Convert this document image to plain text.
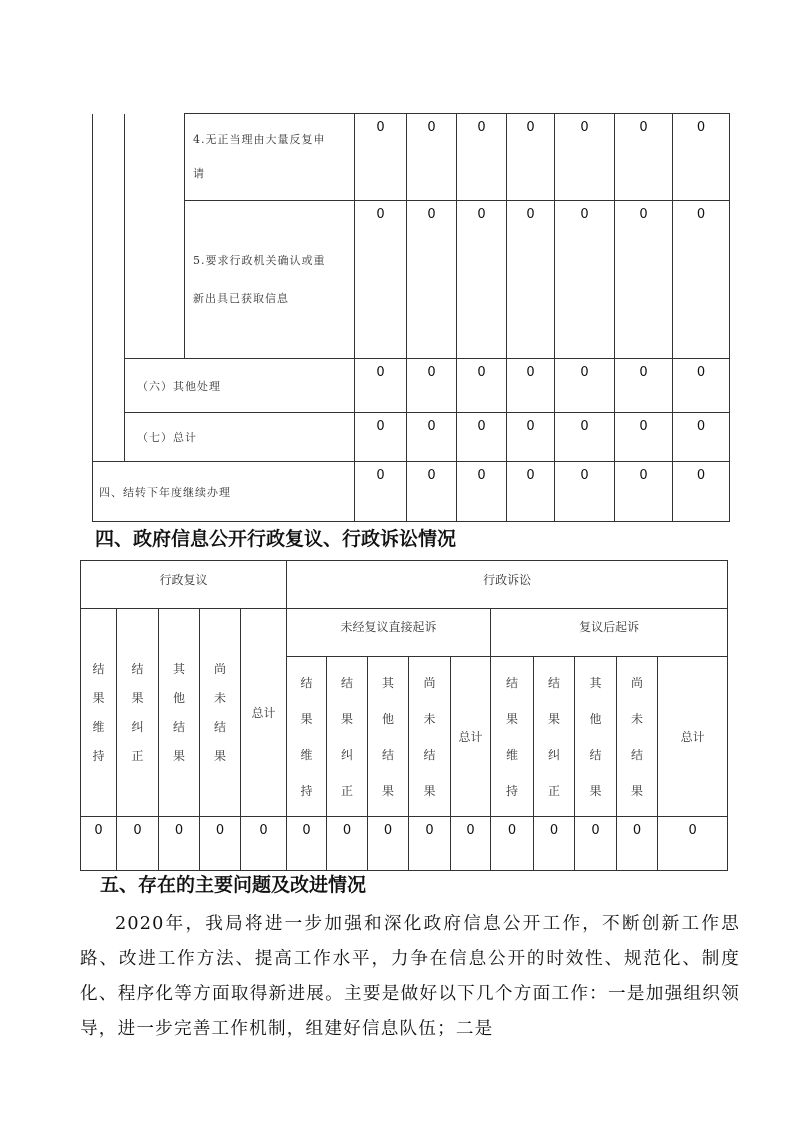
		4.无正当理由大量反复申请	0	0	0	0	0	0	0

		5.要求行政机关确认或重新出具已获取信息	0	0	0	0	0	0	0

	（六）其他处理		0	0	0	0	0	0	0

	（七）总计		0	0	0	0	0	0	0

四、结转下年度继续办理			0	0	0	0	0	0	0
四、政府信息公开行政复议、行政诉讼情况
行政复议					行政诉讼									
结果维持	结果纠正	其他结果	尚未结果	总计	未经复议直接起诉					复议后起诉				
					结果维持	结果纠正	其他结果	尚未结果	总计	结果维持	结果纠正	其他结果	尚未结果	总计

0	0	0	0	0	0	0	0	0	0	0	0	0	0	0
五、存在的主要问题及改进情况

2020年，我局将进一步加强和深化政府信息公开工作，不断创新工作思路、改进工作方法、提高工作水平，力争在信息公开的时效性、规范化、制度化、程序化等方面取得新进展。主要是做好以下几个方面工作：一是加强组织领导，进一步完善工作机制，组建好信息队伍；二是
